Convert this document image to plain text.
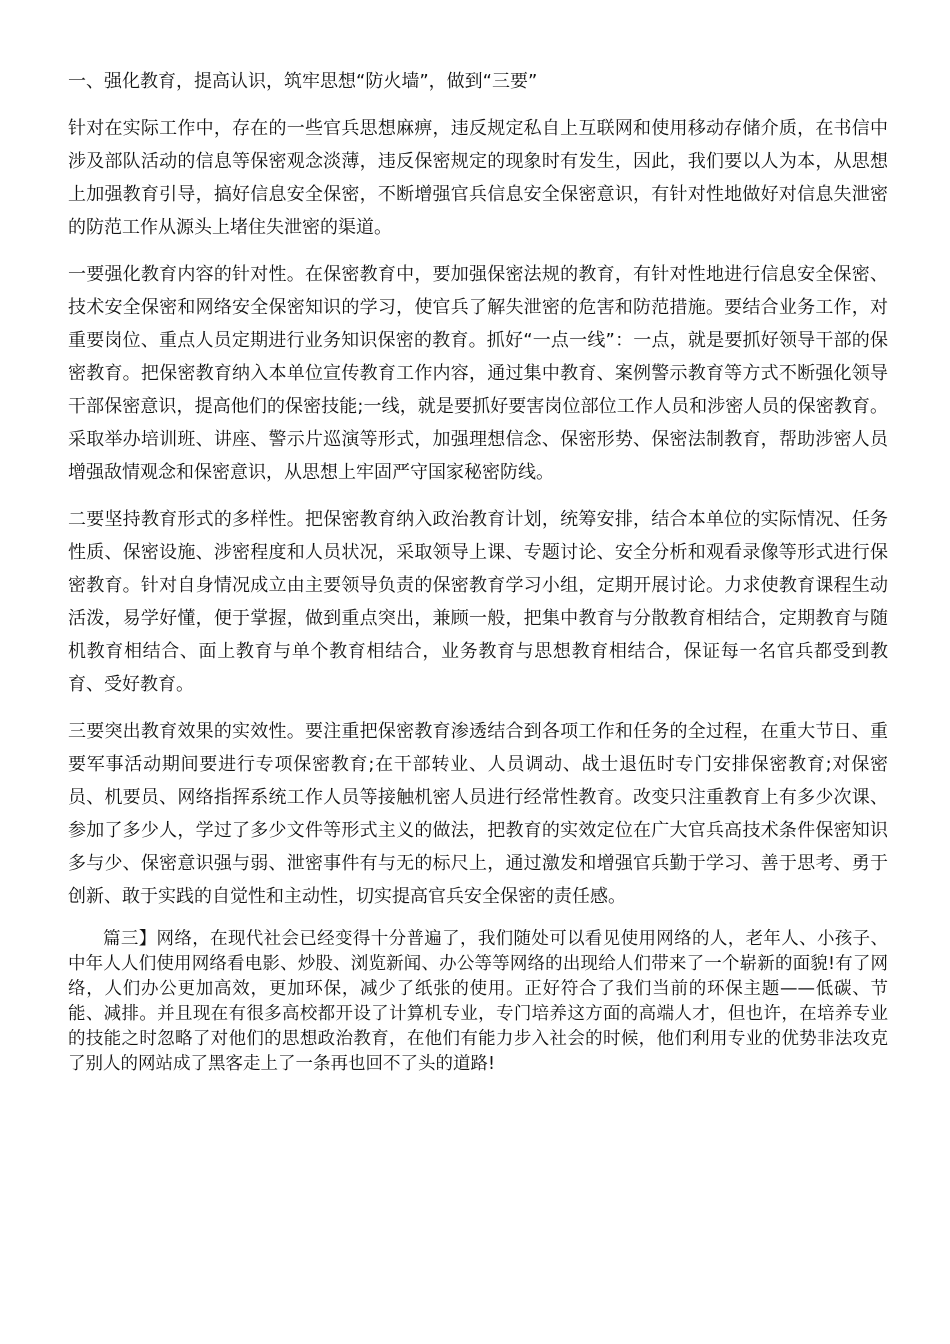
一、强化教育，提高认识，筑牢思想“防火墙”，做到“三要”

针对在实际工作中，存在的一些官兵思想麻痹，违反规定私自上互联网和使用移动存储介质，在书信中涉及部队活动的信息等保密观念淡薄，违反保密规定的现象时有发生，因此，我们要以人为本，从思想上加强教育引导，搞好信息安全保密，不断增强官兵信息安全保密意识，有针对性地做好对信息失泄密的防范工作从源头上堵住失泄密的渠道。

一要强化教育内容的针对性。在保密教育中，要加强保密法规的教育，有针对性地进行信息安全保密、技术安全保密和网络安全保密知识的学习，使官兵了解失泄密的危害和防范措施。要结合业务工作，对重要岗位、重点人员定期进行业务知识保密的教育。抓好“一点一线”：一点，就是要抓好领导干部的保密教育。把保密教育纳入本单位宣传教育工作内容，通过集中教育、案例警示教育等方式不断强化领导干部保密意识，提高他们的保密技能;一线，就是要抓好要害岗位部位工作人员和涉密人员的保密教育。采取举办培训班、讲座、警示片巡演等形式，加强理想信念、保密形势、保密法制教育，帮助涉密人员增强敌情观念和保密意识，从思想上牢固严守国家秘密防线。

二要坚持教育形式的多样性。把保密教育纳入政治教育计划，统筹安排，结合本单位的实际情况、任务性质、保密设施、涉密程度和人员状况，采取领导上课、专题讨论、安全分析和观看录像等形式进行保密教育。针对自身情况成立由主要领导负责的保密教育学习小组，定期开展讨论。力求使教育课程生动活泼，易学好懂，便于掌握，做到重点突出，兼顾一般，把集中教育与分散教育相结合，定期教育与随机教育相结合、面上教育与单个教育相结合，业务教育与思想教育相结合，保证每一名官兵都受到教育、受好教育。

三要突出教育效果的实效性。要注重把保密教育渗透结合到各项工作和任务的全过程，在重大节日、重要军事活动期间要进行专项保密教育;在干部转业、人员调动、战士退伍时专门安排保密教育;对保密员、机要员、网络指挥系统工作人员等接触机密人员进行经常性教育。改变只注重教育上有多少次课、参加了多少人，学过了多少文件等形式主义的做法，把教育的实效定位在广大官兵高技术条件保密知识多与少、保密意识强与弱、泄密事件有与无的标尺上，通过激发和增强官兵勤于学习、善于思考、勇于创新、敢于实践的自觉性和主动性，切实提高官兵安全保密的责任感。

篇三】网络，在现代社会已经变得十分普遍了，我们随处可以看见使用网络的人，老年人、小孩子、中年人人们使用网络看电影、炒股、浏览新闻、办公等等网络的出现给人们带来了一个崭新的面貌!有了网络，人们办公更加高效，更加环保，减少了纸张的使用。正好符合了我们当前的环保主题——低碳、节能、减排。并且现在有很多高校都开设了计算机专业，专门培养这方面的高端人才，但也许，在培养专业的技能之时忽略了对他们的思想政治教育，在他们有能力步入社会的时候，他们利用专业的优势非法攻克了别人的网站成了黑客走上了一条再也回不了头的道路!
